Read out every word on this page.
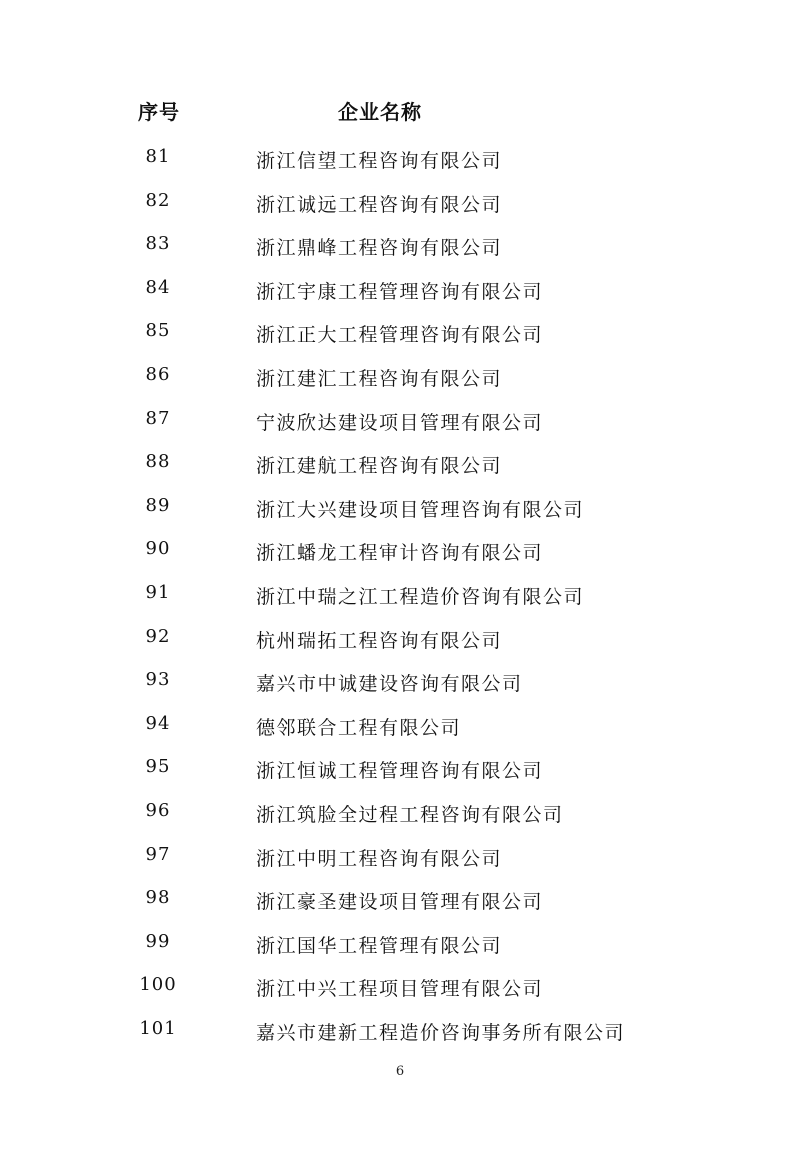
序号	企业名称
81	浙江信望工程咨询有限公司
82	浙江诚远工程咨询有限公司
83	浙江鼎峰工程咨询有限公司
84	浙江宇康工程管理咨询有限公司
85	浙江正大工程管理咨询有限公司
86	浙江建汇工程咨询有限公司
87	宁波欣达建设项目管理有限公司
88	浙江建航工程咨询有限公司
89	浙江大兴建设项目管理咨询有限公司
90	浙江蟠龙工程审计咨询有限公司
91	浙江中瑞之江工程造价咨询有限公司
92	杭州瑞拓工程咨询有限公司
93	嘉兴市中诚建设咨询有限公司
94	德邻联合工程有限公司
95	浙江恒诚工程管理咨询有限公司
96	浙江筑脸全过程工程咨询有限公司
97	浙江中明工程咨询有限公司
98	浙江豪圣建设项目管理有限公司
99	浙江国华工程管理有限公司
100	浙江中兴工程项目管理有限公司
101	嘉兴市建新工程造价咨询事务所有限公司
6
